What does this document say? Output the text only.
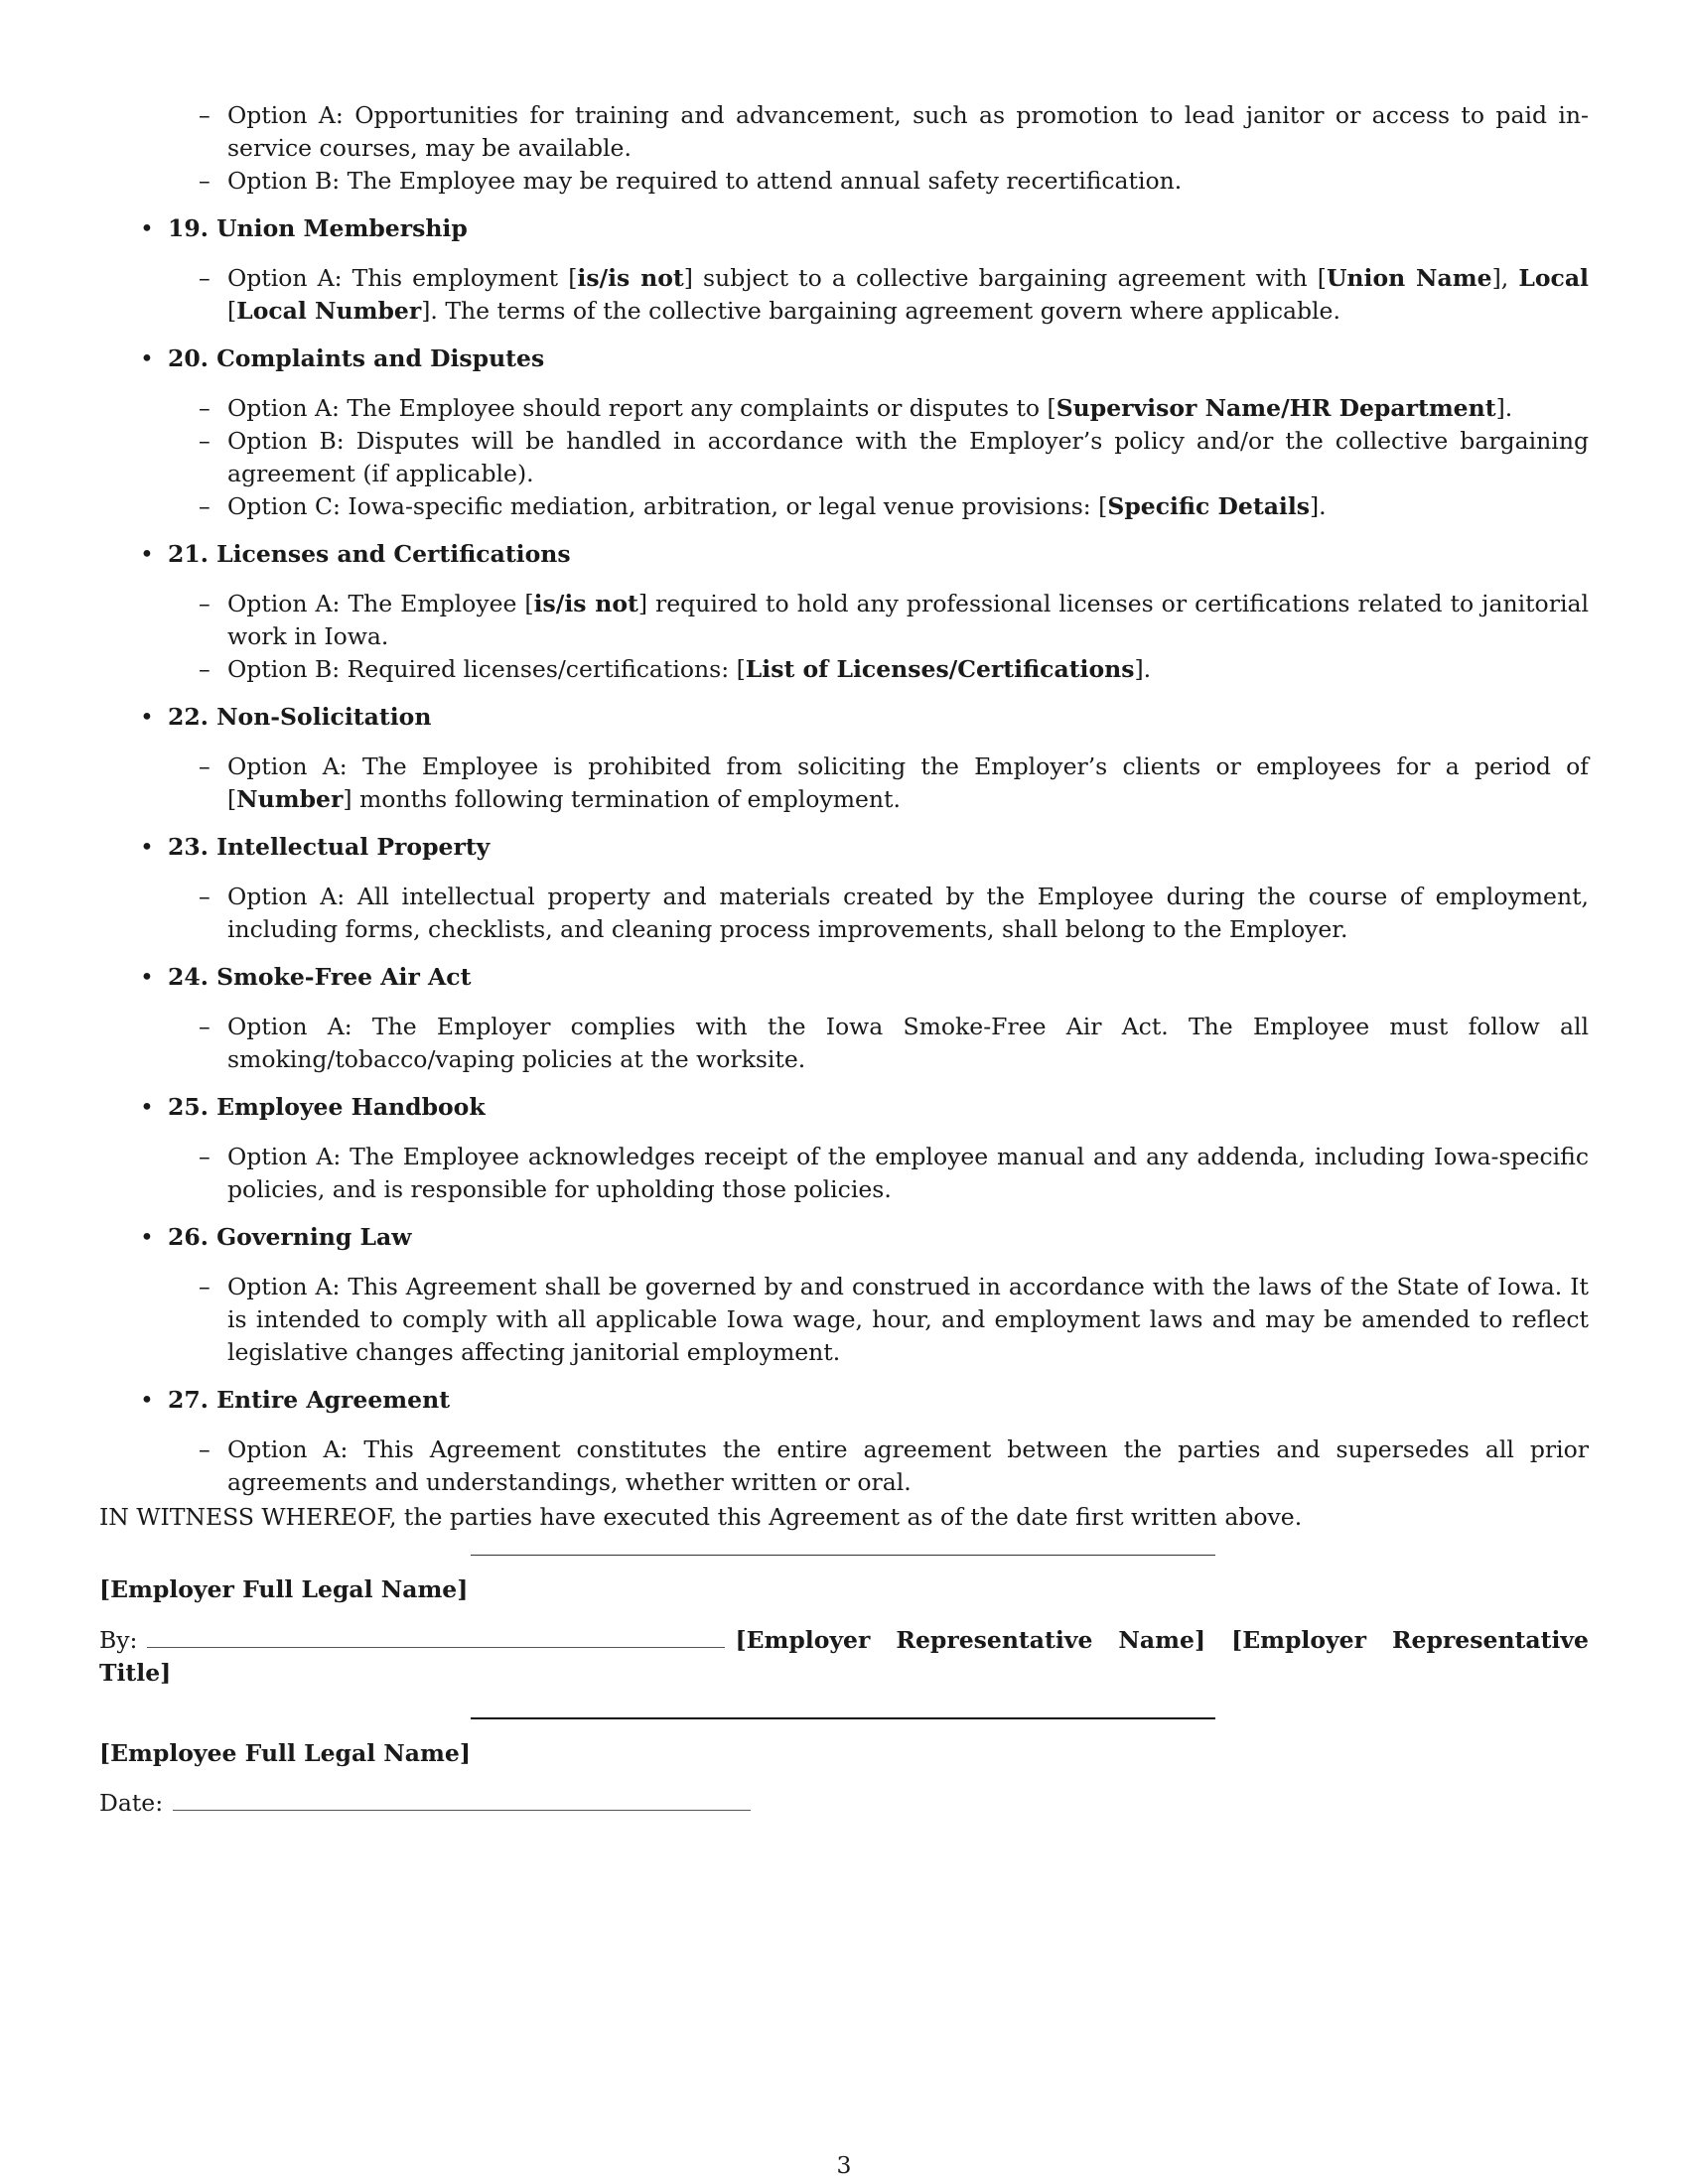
– Option A: Opportunities for training and advancement, such as promotion to lead janitor or access to paid in-service courses, may be available.
– Option B: The Employee may be required to attend annual safety recertification.
• 19. Union Membership
– Option A: This employment [is/is not] subject to a collective bargaining agreement with [Union Name], Local [Local Number]. The terms of the collective bargaining agreement govern where applicable.
• 20. Complaints and Disputes
– Option A: The Employee should report any complaints or disputes to [Supervisor Name/HR Department].
– Option B: Disputes will be handled in accordance with the Employer’s policy and/or the collective bargaining agreement (if applicable).
– Option C: Iowa-specific mediation, arbitration, or legal venue provisions: [Specific Details].
• 21. Licenses and Certifications
– Option A: The Employee [is/is not] required to hold any professional licenses or certifications related to janitorial work in Iowa.
– Option B: Required licenses/certifications: [List of Licenses/Certifications].
• 22. Non-Solicitation
– Option A: The Employee is prohibited from soliciting the Employer’s clients or employees for a period of [Number] months following termination of employment.
• 23. Intellectual Property
– Option A: All intellectual property and materials created by the Employee during the course of employment, including forms, checklists, and cleaning process improvements, shall belong to the Employer.
• 24. Smoke-Free Air Act
– Option A: The Employer complies with the Iowa Smoke-Free Air Act. The Employee must follow all smoking/tobacco/vaping policies at the worksite.
• 25. Employee Handbook
– Option A: The Employee acknowledges receipt of the employee manual and any addenda, including Iowa-specific policies, and is responsible for upholding those policies.
• 26. Governing Law
– Option A: This Agreement shall be governed by and construed in accordance with the laws of the State of Iowa. It is intended to comply with all applicable Iowa wage, hour, and employment laws and may be amended to reflect legislative changes affecting janitorial employment.
• 27. Entire Agreement
– Option A: This Agreement constitutes the entire agreement between the parties and supersedes all prior agreements and understandings, whether written or oral.
IN WITNESS WHEREOF, the parties have executed this Agreement as of the date first written above.
[Employer Full Legal Name]
By:	[Employer Representative Name] [Employer Representative Title]
[Employee Full Legal Name]
Date:
3
